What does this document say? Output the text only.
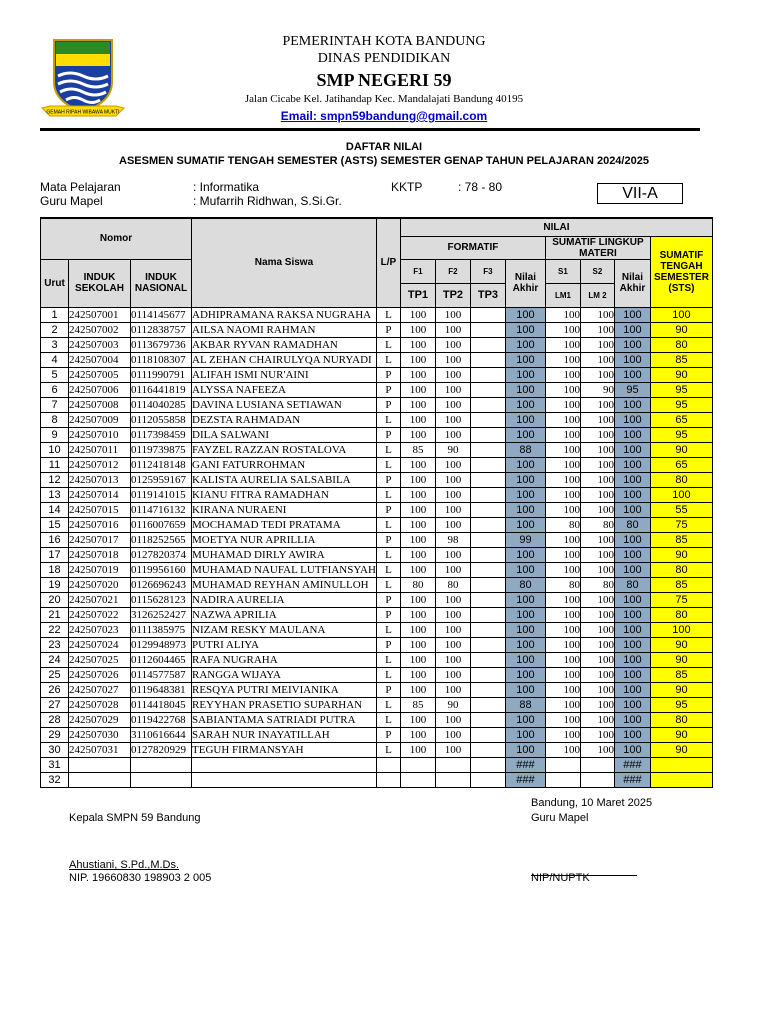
GEMAH RIPAH WIBAWA MUKTI
PEMERINTAH KOTA BANDUNG
DINAS PENDIDIKAN
SMP NEGERI 59
Jalan Cicabe Kel. Jatihandap Kec. Mandalajati Bandung 40195
Email: smpn59bandung@gmail.com
DAFTAR NILAI
ASESMEN SUMATIF TENGAH SEMESTER (ASTS) SEMESTER GENAP TAHUN PELAJARAN 2024/2025
Mata Pelajaran	: Informatika
Guru Mapel	: Mufarrih Ridhwan, S.Si.Gr.
KKTP	: 78 - 80	VII-A
Nomor			Nama Siswa	L/P	NILAI							
					FORMATIF				SUMATIF LINGKUP MATERI			SUMATIF TENGAH SEMESTER (STS)
Urut	INDUK SEKOLAH	INDUK NASIONAL			F1	F2	F3	Nilai Akhir	S1	S2	Nilai Akhir	
					TP1	TP2	TP3		LM1	LM 2		
1	242507001	0114145677	ADHIPRAMANA RAKSA NUGRAHA	L	100	100		100	100	100	100	100
2	242507002	0112838757	AILSA NAOMI RAHMAN	P	100	100		100	100	100	100	90
3	242507003	0113679736	AKBAR RYVAN RAMADHAN	L	100	100		100	100	100	100	80
4	242507004	0118108307	AL ZEHAN CHAIRULYQA NURYADI	L	100	100		100	100	100	100	85
5	242507005	0111990791	ALIFAH ISMI NUR'AINI	P	100	100		100	100	100	100	90
6	242507006	0116441819	ALYSSA NAFEEZA	P	100	100		100	100	90	95	95
7	242507008	0114040285	DAVINA LUSIANA SETIAWAN	P	100	100		100	100	100	100	95
8	242507009	0112055858	DEZSTA RAHMADAN	L	100	100		100	100	100	100	65
9	242507010	0117398459	DILA SALWANI	P	100	100		100	100	100	100	95
10	242507011	0119739875	FAYZEL RAZZAN ROSTALOVA	L	85	90		88	100	100	100	90
11	242507012	0112418148	GANI FATURROHMAN	L	100	100		100	100	100	100	65
12	242507013	0125959167	KALISTA AURELIA SALSABILA	P	100	100		100	100	100	100	80
13	242507014	0119141015	KIANU FITRA RAMADHAN	L	100	100		100	100	100	100	100
14	242507015	0114716132	KIRANA NURAENI	P	100	100		100	100	100	100	55
15	242507016	0116007659	MOCHAMAD TEDI PRATAMA	L	100	100		100	80	80	80	75
16	242507017	0118252565	MOETYA NUR APRILLIA	P	100	98		99	100	100	100	85
17	242507018	0127820374	MUHAMAD DIRLY AWIRA	L	100	100		100	100	100	100	90
18	242507019	0119956160	MUHAMAD NAUFAL LUTFIANSYAH	L	100	100		100	100	100	100	80
19	242507020	0126696243	MUHAMAD REYHAN AMINULLOH	L	80	80		80	80	80	80	85
20	242507021	0115628123	NADIRA AURELIA	P	100	100		100	100	100	100	75
21	242507022	3126252427	NAZWA APRILIA	P	100	100		100	100	100	100	80
22	242507023	0111385975	NIZAM RESKY MAULANA	L	100	100		100	100	100	100	100
23	242507024	0129948973	PUTRI ALIYA	P	100	100		100	100	100	100	90
24	242507025	0112604465	RAFA NUGRAHA	L	100	100		100	100	100	100	90
25	242507026	0114577587	RANGGA WIJAYA	L	100	100		100	100	100	100	85
26	242507027	0119648381	RESQYA PUTRI MEIVIANIKA	P	100	100		100	100	100	100	90
27	242507028	0114418045	REYYHAN PRASETIO SUPARHAN	L	85	90		88	100	100	100	95
28	242507029	0119422768	SABIANTAMA SATRIADI PUTRA	L	100	100		100	100	100	100	80
29	242507030	3110616644	SARAH NUR INAYATILLAH	P	100	100		100	100	100	100	90
30	242507031	0127820929	TEGUH FIRMANSYAH	L	100	100		100	100	100	100	90
31								###			###	
32								###			###	
Bandung, 10 Maret 2025
Kepala SMPN 59 Bandung	Guru Mapel
Ahustiani, S.Pd.,M.Ds.
NIP. 19660830 198903 2 005	NIP/NUPTK
